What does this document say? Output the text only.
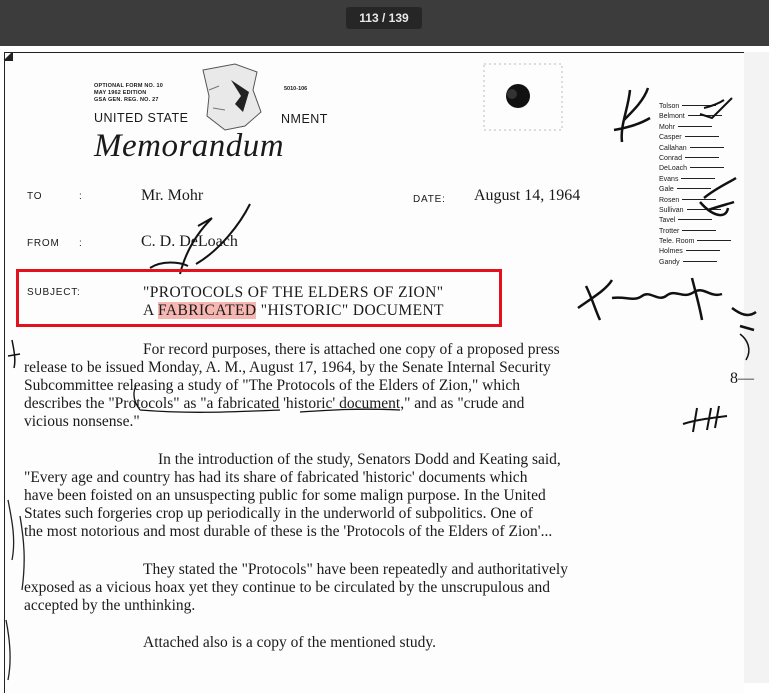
113 / 139
OPTIONAL FORM NO. 10
MAY 1962 EDITION
GSA GEN. REG. NO. 27
5010-106
UNITED STATE	NMENT
Memorandum
Tolson
Belmont
Mohr
Casper
Callahan
Conrad
DeLoach
Evans
Gale
Rosen
Sullivan
Tavel
Trotter
Tele. Room
Holmes
Gandy
TO	:	Mr. Mohr	DATE: August 14, 1964
FROM :	C. D. DeLoach
SUBJECT:	"PROTOCOLS OF THE ELDERS OF ZION"
A FABRICATED "HISTORIC" DOCUMENT
8—
For record purposes, there is attached one copy of a proposed press
release to be issued Monday, A. M., August 17, 1964, by the Senate Internal Security
Subcommittee releasing a study of "The Protocols of the Elders of Zion," which
describes the "Protocols" as "a fabricated 'historic' document," and as "crude and
vicious nonsense."
In the introduction of the study, Senators Dodd and Keating said,
"Every age and country has had its share of fabricated 'historic' documents which
have been foisted on an unsuspecting public for some malign purpose. In the United
States such forgeries crop up periodically in the underworld of subpolitics. One of
the most notorious and most durable of these is the 'Protocols of the Elders of Zion'...
They stated the "Protocols" have been repeatedly and authoritatively
exposed as a vicious hoax yet they continue to be circulated by the unscrupulous and
accepted by the unthinking.
Attached also is a copy of the mentioned study.
